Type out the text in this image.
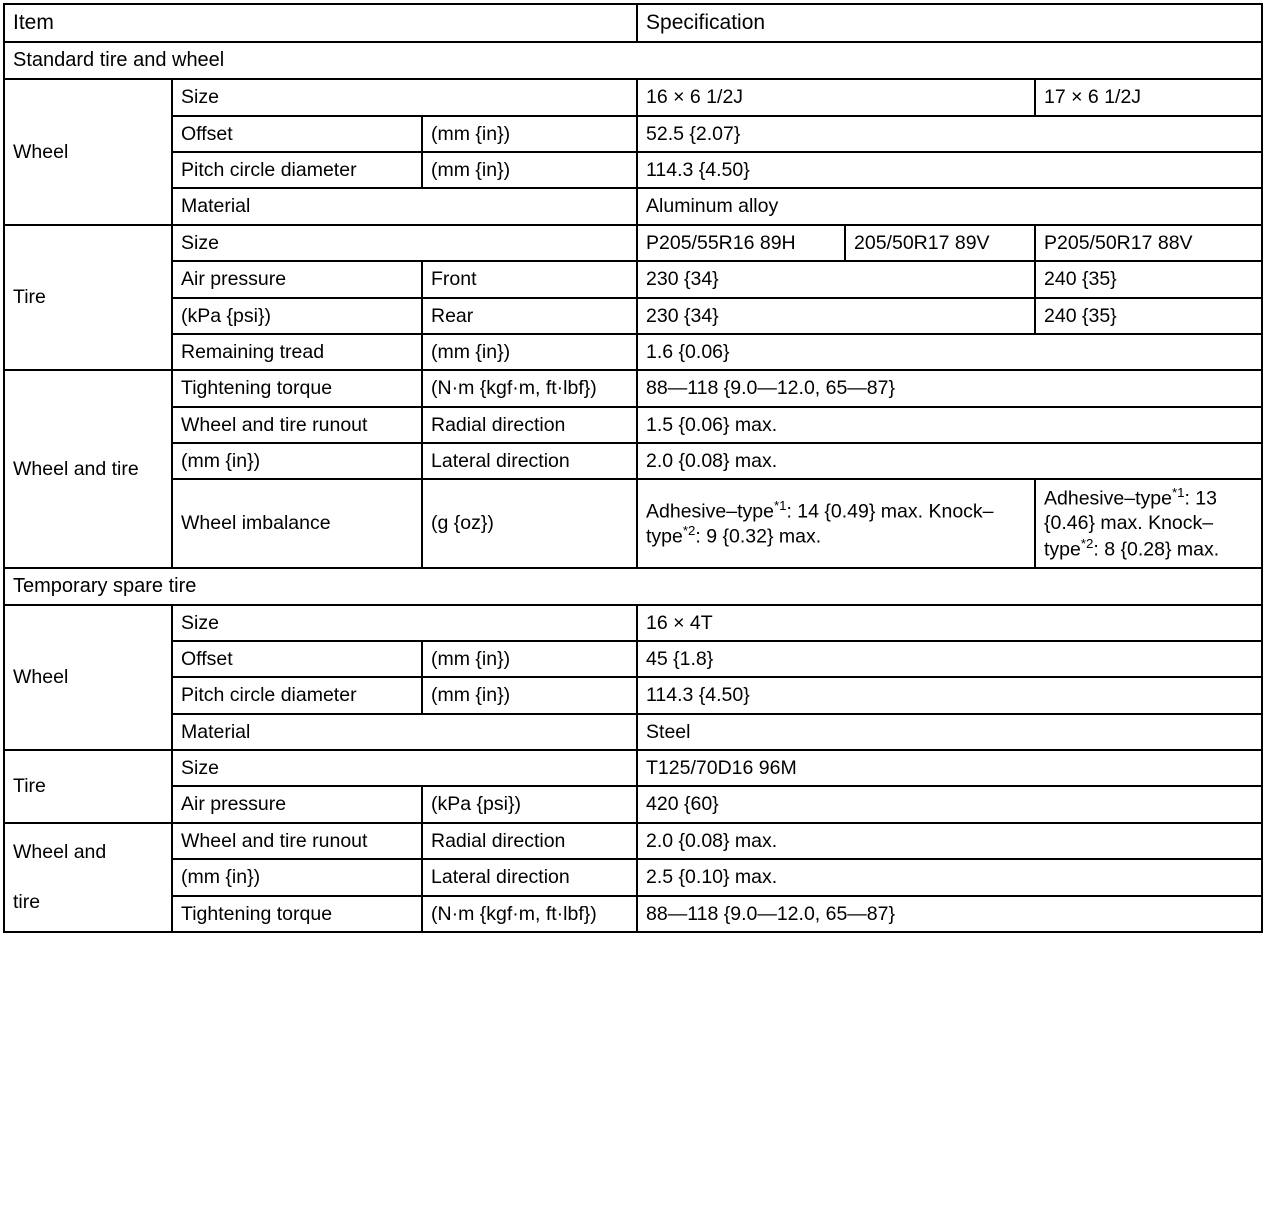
Item			Specification		
Standard tire and wheel					
Wheel	Size		16 × 6 1/2J		17 × 6 1/2J
	Offset	(mm {in})	52.5 {2.07}		
	Pitch circle diameter	(mm {in})	114.3 {4.50}		
	Material		Aluminum alloy		
Tire	Size		P205/55R16 89H	205/50R17 89V	P205/50R17 88V
	Air pressure	Front	230 {34}		240 {35}
	(kPa {psi})	Rear	230 {34}		240 {35}
	Remaining tread	(mm {in})	1.6 {0.06}		
Wheel and tire	Tightening torque	(N·m {kgf·m, ft·lbf})	88—118 {9.0—12.0, 65—87}		
	Wheel and tire runout	Radial direction	1.5 {0.06} max.		
	(mm {in})	Lateral direction	2.0 {0.08} max.		
	Wheel imbalance	(g {oz})	Adhesive–type$^{*1}$: 14 {0.49} max. Knock–type$^{*2}$: 9 {0.32} max.		Adhesive–type$^{*1}$: 13 {0.46} max. Knock–type$^{*2}$: 8 {0.28} max.
Temporary spare tire					
Wheel	Size		16 × 4T		
	Offset	(mm {in})	45 {1.8}		
	Pitch circle diameter	(mm {in})	114.3 {4.50}		
	Material		Steel		
Tire	Size		T125/70D16 96M		
	Air pressure	(kPa {psi})	420 {60}		

Wheel and
tire	Wheel and tire runout	Radial direction	2.0 {0.08} max.		
	(mm {in})	Lateral direction	2.5 {0.10} max.		
	Tightening torque	(N·m {kgf·m, ft·lbf})	88—118 {9.0—12.0, 65—87}		
